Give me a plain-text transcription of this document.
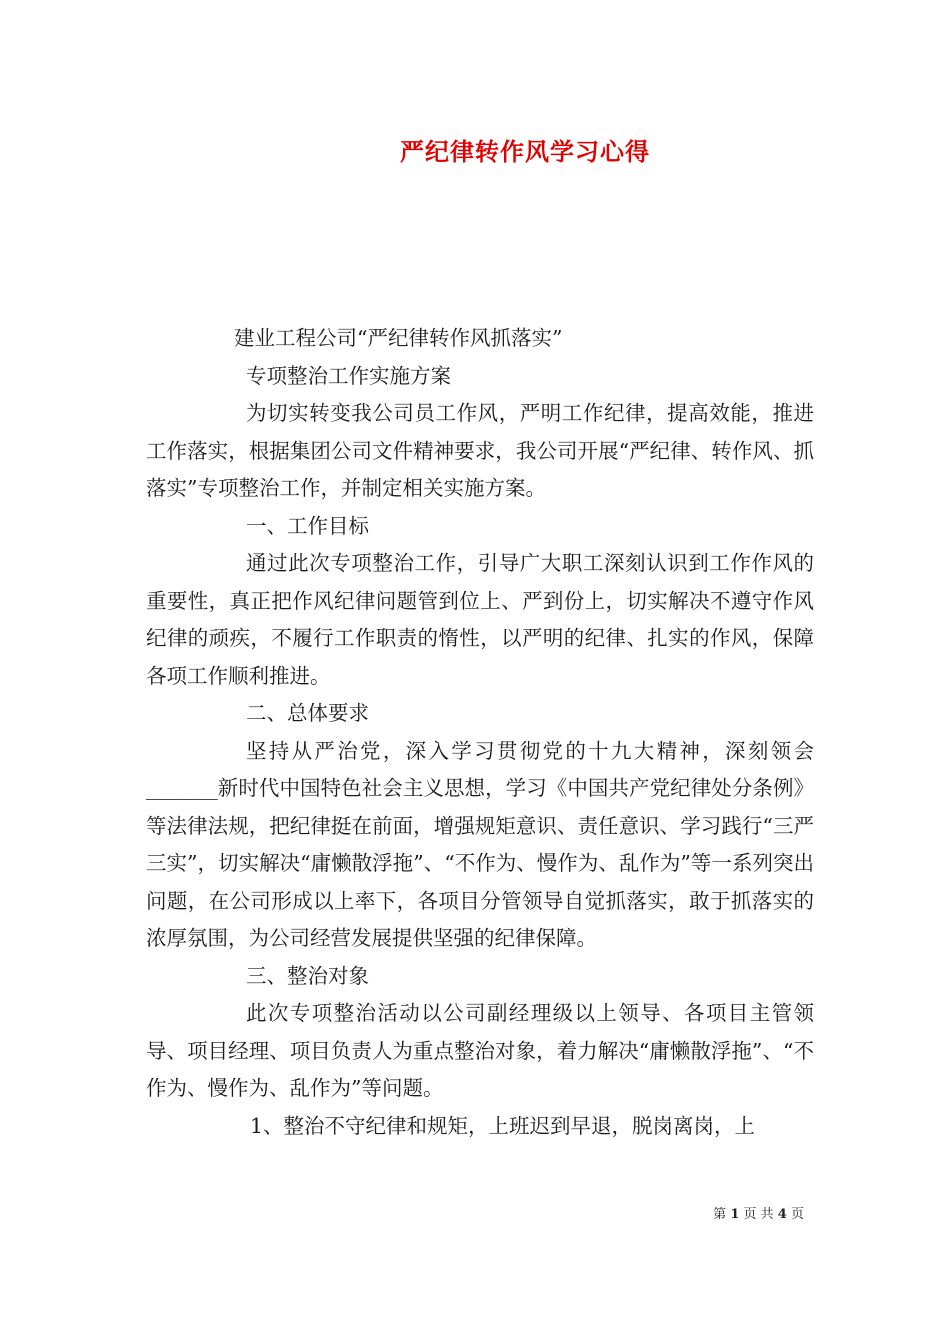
严纪律转作风学习心得

建业工程公司“严纪律转作风抓落实”

专项整治工作实施方案

为切实转变我公司员工作风，严明工作纪律，提高效能，推进工作落实，根据集团公司文件精神要求，我公司开展“严纪律、转作风、抓落实”专项整治工作，并制定相关实施方案。

一、工作目标

通过此次专项整治工作，引导广大职工深刻认识到工作作风的重要性，真正把作风纪律问题管到位上、严到份上，切实解决不遵守作风纪律的顽疾，不履行工作职责的惰性，以严明的纪律、扎实的作风，保障各项工作顺利推进。

二、总体要求

坚持从严治党，深入学习贯彻党的十九大精神，深刻领会_______新时代中国特色社会主义思想，学习《中国共产党纪律处分条例》等法律法规，把纪律挺在前面，增强规矩意识、责任意识、学习践行“三严三实”，切实解决“庸懒散浮拖”、“不作为、慢作为、乱作为”等一系列突出问题，在公司形成以上率下，各项目分管领导自觉抓落实，敢于抓落实的浓厚氛围，为公司经营发展提供坚强的纪律保障。

三、整治对象

此次专项整治活动以公司副经理级以上领导、各项目主管领导、项目经理、项目负责人为重点整治对象，着力解决“庸懒散浮拖”、“不作为、慢作为、乱作为”等问题。

1、整治不守纪律和规矩，上班迟到早退，脱岗离岗，上

第 1 页 共 4 页
